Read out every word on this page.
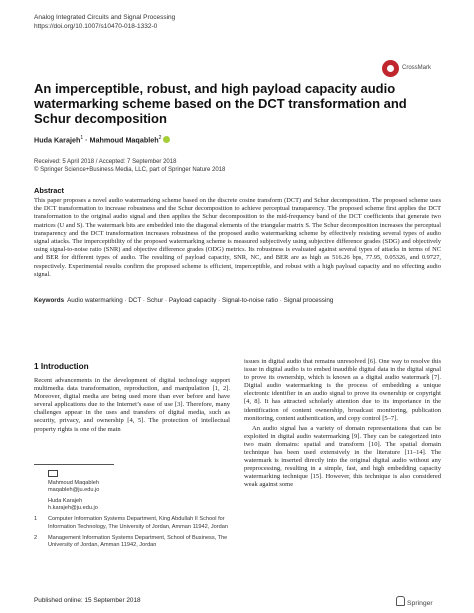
Analog Integrated Circuits and Signal Processing
https://doi.org/10.1007/s10470-018-1332-0
CrossMark
An imperceptible, robust, and high payload capacity audio watermarking scheme based on the DCT transformation and Schur decomposition
Huda Karajeh$^1$ · Mahmoud Maqableh$^2$
Received: 5 April 2018 / Accepted: 7 September 2018
© Springer Science+Business Media, LLC, part of Springer Nature 2018
Abstract
This paper proposes a novel audio watermarking scheme based on the discrete cosine transform (DCT) and Schur decomposition. The proposed scheme uses the DCT transformation to increase robustness and the Schur decomposition to achieve perceptual transparency. The proposed scheme first applies the DCT transformation to the original audio signal and then applies the Schur decomposition to the mid-frequency band of the DCT coefficients that generate two matrices (U and S). The watermark bits are embedded into the diagonal elements of the triangular matrix S. The Schur decomposition increases the perceptual transparency and the DCT transformation increases robustness of the proposed audio watermarking scheme by effectively resisting several types of audio signal attacks. The imperceptibility of the proposed watermarking scheme is measured subjectively using subjective difference grades (SDG) and objectively using signal-to-noise ratio (SNR) and objective difference grades (ODG) metrics. Its robustness is evaluated against several types of attacks in terms of NC and BER for different types of audio. The resulting of payload capacity, SNR, NC, and BER are as high as 516.26 bps, 77.95, 0.05326, and 0.9727, respectively. Experimental results confirm the proposed scheme is efficient, imperceptible, and robust with a high payload capacity and no effecting audio signal.
Keywords Audio watermarking · DCT · Schur · Payload capacity · Signal-to-noise ratio · Signal processing
1 Introduction
Recent advancements in the development of digital technology support multimedia data transformation, reproduction, and manipulation [1, 2]. Moreover, digital media are being used more than ever before and have several applications due to the Internet’s ease of use [3]. Therefore, many challenges appear in the uses and transfers of digital media, such as security, privacy, and ownership [4, 5]. The protection of intellectual property rights is one of the main

issues in digital audio that remains unresolved [6]. One way to resolve this issue in digital audio is to embed inaudible digital data in the digital signal to prove its ownership, which is known as a digital audio watermark [7]. Digital audio watermarking is the process of embedding a unique electronic identifier in an audio signal to prove its ownership or copyright [4, 8]. It has attracted scholarly attention due to its importance in the identification of content ownership, broadcast monitoring, publication monitoring, content authentication, and copy control [5–7].

An audio signal has a variety of domain representations that can be exploited in digital audio watermarking [9]. They can be categorized into two main domains: spatial and transform [10]. The spatial domain technique has been used extensively in the literature [11–14]. The watermark is inserted directly into the original digital audio without any preprocessing, resulting in a simple, fast, and high embedding capacity watermarking technique [15]. However, this technique is also considered weak against some

Mahmoud Maqableh
maqableh@ju.edu.jo
Huda Karajeh
h.karajeh@ju.edu.jo
1 Computer Information Systems Department, King Abdullah II School for Information Technology, The University of Jordan, Amman 11942, Jordan
2 Management Information Systems Department, School of Business, The University of Jordan, Amman 11942, Jordan
Published online: 15 September 2018	Springer
